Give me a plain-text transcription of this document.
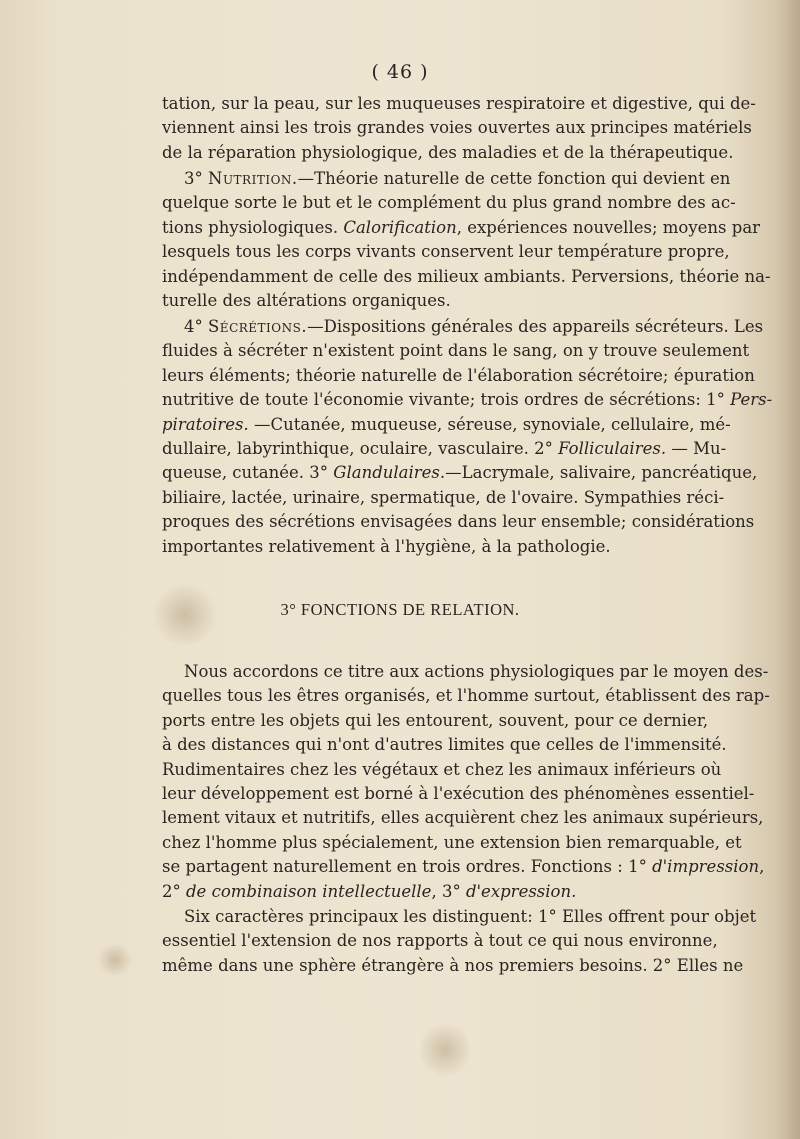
( 46 )
tation, sur la peau, sur les muqueuses respiratoire et digestive, qui de-
viennent ainsi les trois grandes voies ouvertes aux principes matériels
de la réparation physiologique, des maladies et de la thérapeutique.
3° Nutrition.—Théorie naturelle de cette fonction qui devient en
quelque sorte le but et le complément du plus grand nombre des ac-
tions physiologiques. Calorification, expériences nouvelles; moyens par
lesquels tous les corps vivants conservent leur température propre,
indépendamment de celle des milieux ambiants. Perversions, théorie na-
turelle des altérations organiques.
4° Sécrétions.—Dispositions générales des appareils sécréteurs. Les
fluides à sécréter n'existent point dans le sang, on y trouve seulement
leurs éléments; théorie naturelle de l'élaboration sécrétoire; épuration
nutritive de toute l'économie vivante; trois ordres de sécrétions: 1° Pers-
piratoires. —Cutanée, muqueuse, séreuse, synoviale, cellulaire, mé-
dullaire, labyrinthique, oculaire, vasculaire. 2° Folliculaires. — Mu-
queuse, cutanée. 3° Glandulaires.—Lacrymale, salivaire, pancréatique,
biliaire, lactée, urinaire, spermatique, de l'ovaire. Sympathies réci-
proques des sécrétions envisagées dans leur ensemble; considérations
importantes relativement à l'hygiène, à la pathologie.
3° FONCTIONS DE RELATION.
Nous accordons ce titre aux actions physiologiques par le moyen des-
quelles tous les êtres organisés, et l'homme surtout, établissent des rap-
ports entre les objets qui les entourent, souvent, pour ce dernier,
à des distances qui n'ont d'autres limites que celles de l'immensité.
Rudimentaires chez les végétaux et chez les animaux inférieurs où
leur développement est borné à l'exécution des phénomènes essentiel-
lement vitaux et nutritifs, elles acquièrent chez les animaux supérieurs,
chez l'homme plus spécialement, une extension bien remarquable, et
se partagent naturellement en trois ordres. Fonctions : 1° d'impression,
2° de combinaison intellectuelle, 3° d'expression.
Six caractères principaux les distinguent: 1° Elles offrent pour objet
essentiel l'extension de nos rapports à tout ce qui nous environne,
même dans une sphère étrangère à nos premiers besoins. 2° Elles ne
